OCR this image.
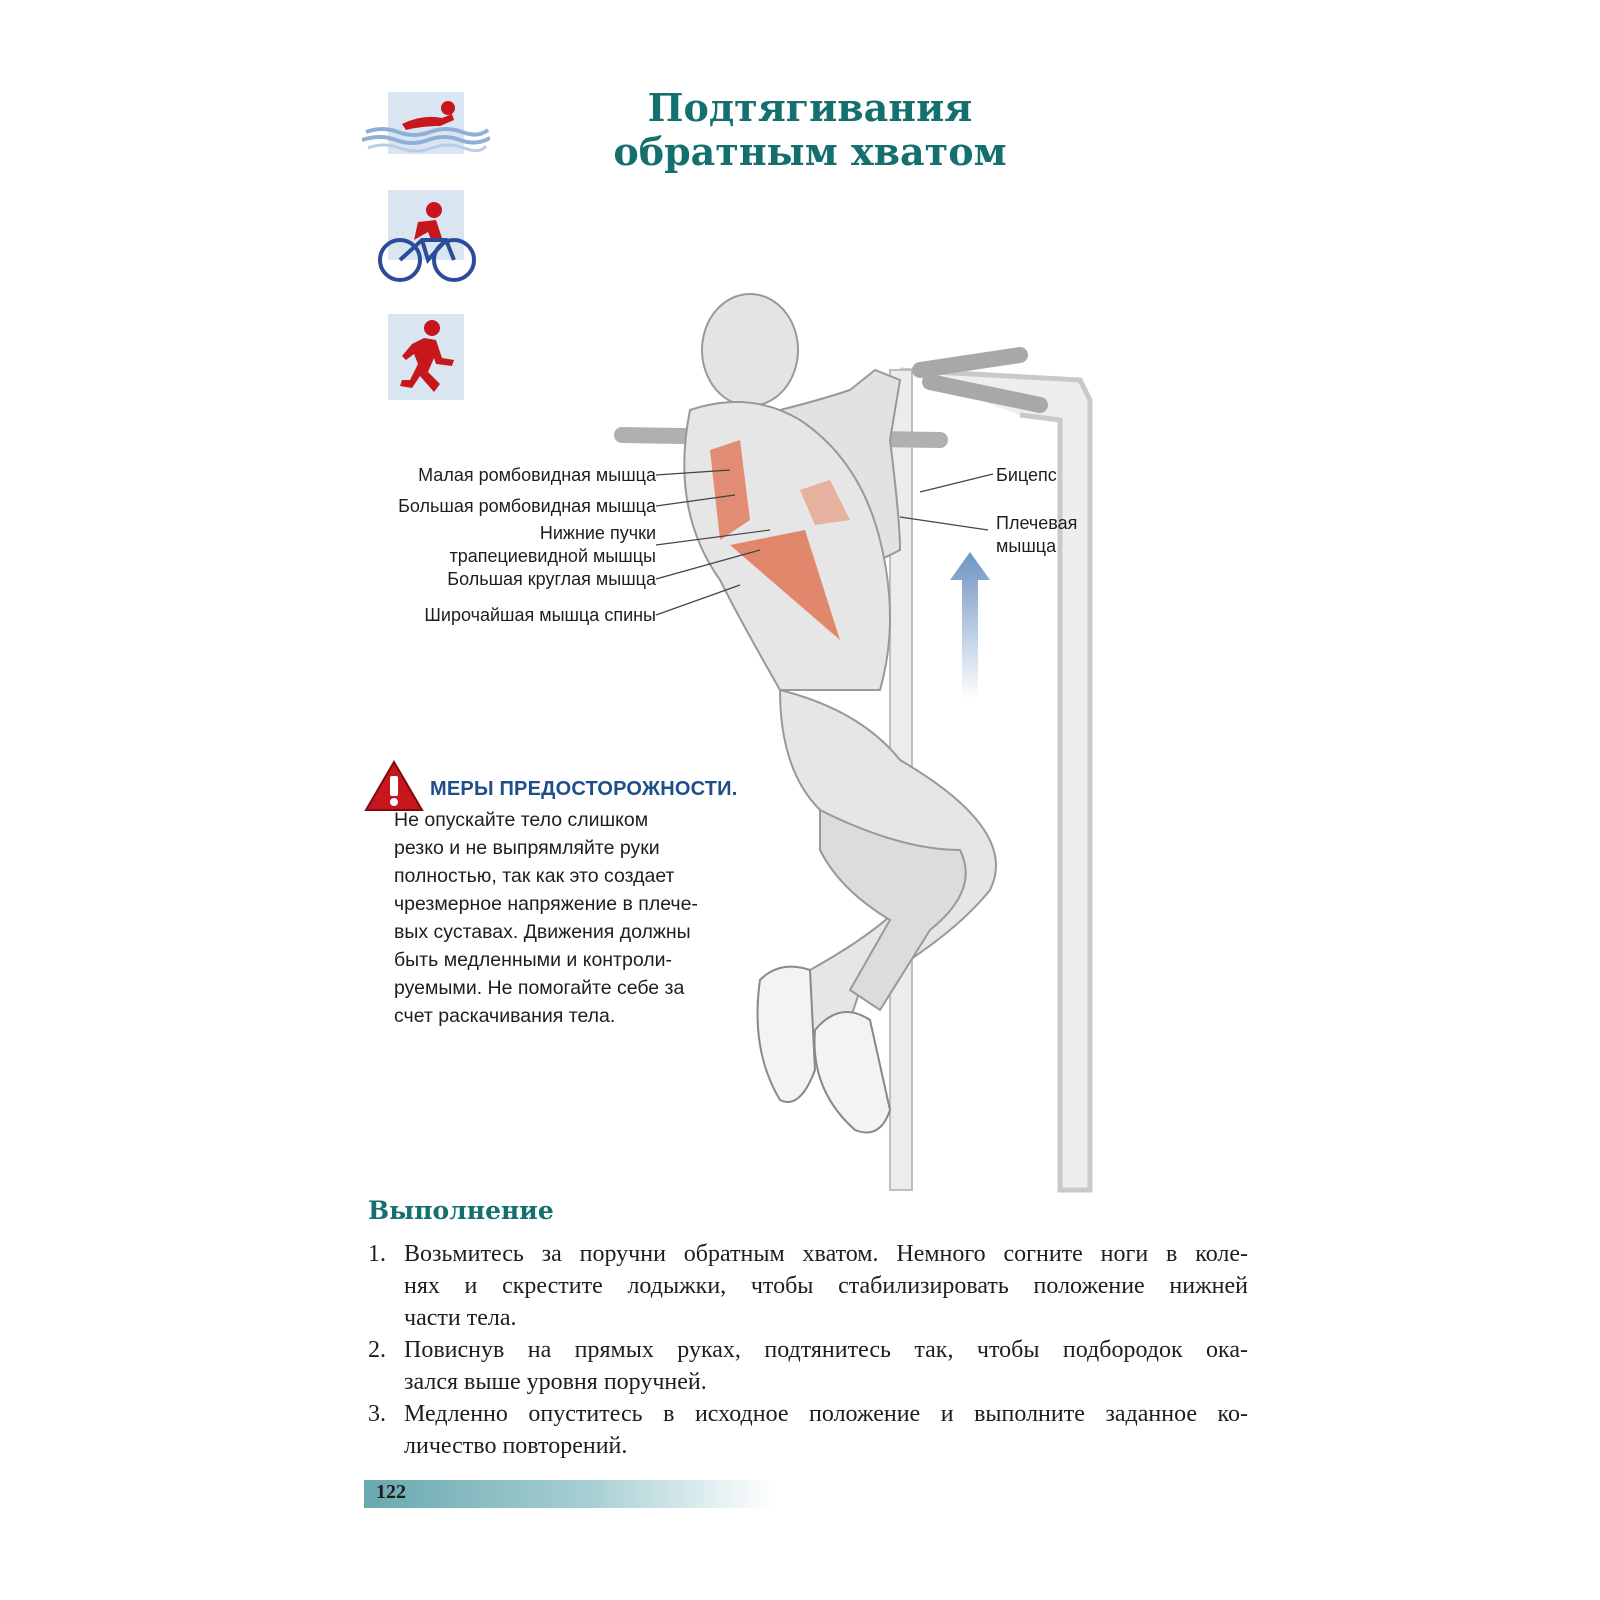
Подтягивания
обратным хватом
Малая ромбовидная мышца
Большая ромбовидная мышца
Нижние пучки
трапециевидной мышцы
Большая круглая мышца
Широчайшая мышца спины
Бицепс
Плечевая
мышца
МЕРЫ ПРЕДОСТОРОЖНОСТИ.
Не опускайте тело слишком
резко и не выпрямляйте руки
полностью, так как это создает
чрезмерное напряжение в плече-
вых суставах. Движения должны
быть медленными и контроли-
руемыми. Не помогайте себе за
счет раскачивания тела.
Выполнение
1. Возьмитесь за поручни обратным хватом. Немного согните ноги в коле-
нях и скрестите лодыжки, чтобы стабилизировать положение нижней
части тела.
2. Повиснув на прямых руках, подтянитесь так, чтобы подбородок ока-
зался выше уровня поручней.
3. Медленно опуститесь в исходное положение и выполните заданное ко-
личество повторений.
122
